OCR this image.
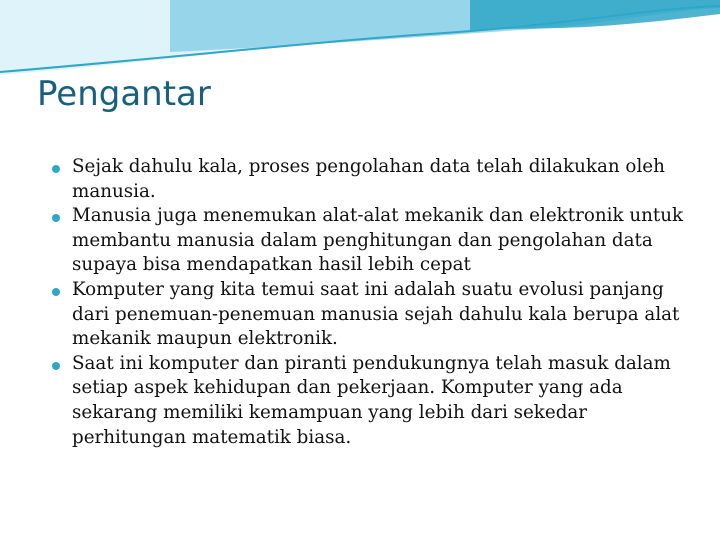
Pengantar
Sejak dahulu kala, proses pengolahan data telah dilakukan oleh manusia.
Manusia juga menemukan alat-alat mekanik dan elektronik untuk membantu manusia dalam penghitungan dan pengolahan data supaya bisa mendapatkan hasil lebih cepat
Komputer yang kita temui saat ini adalah suatu evolusi panjang dari penemuan-penemuan manusia sejah dahulu kala berupa alat mekanik maupun elektronik.
Saat ini komputer dan piranti pendukungnya telah masuk dalam setiap aspek kehidupan dan pekerjaan. Komputer yang ada sekarang memiliki kemampuan yang lebih dari sekedar perhitungan matematik biasa.
